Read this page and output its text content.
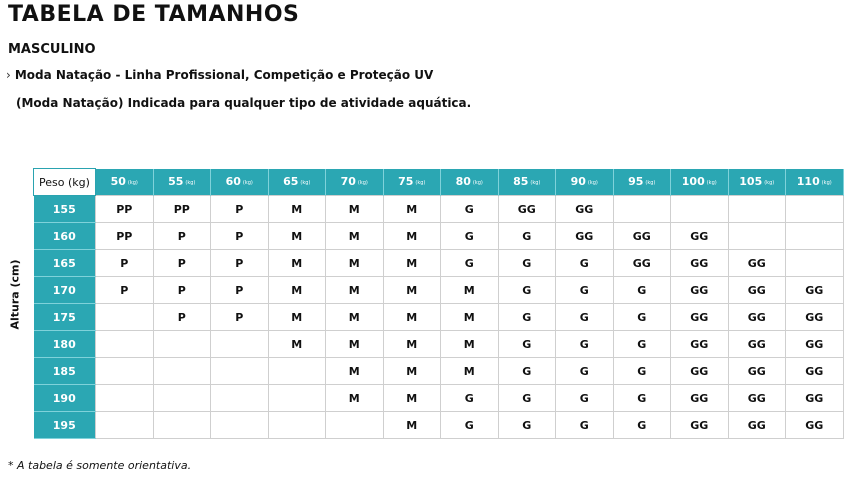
TABELA DE TAMANHOS
MASCULINO
› Moda Natação - Linha Profissional, Competição e Proteção UV
(Moda Natação) Indicada para qualquer tipo de atividade aquática.
Altura (cm)
Peso (kg)	50 (kg)	55 (kg)	60 (kg)	65 (kg)	70 (kg)	75 (kg)	80 (kg)	85 (kg)	90 (kg)	95 (kg)	100 (kg)	105 (kg)	110 (kg)
155	PP	PP	P	M	M	M	G	GG	GG				
160	PP	P	P	M	M	M	G	G	GG	GG	GG		
165	P	P	P	M	M	M	G	G	G	GG	GG	GG	
170	P	P	P	M	M	M	M	G	G	G	GG	GG	GG
175		P	P	M	M	M	M	G	G	G	GG	GG	GG
180				M	M	M	M	G	G	G	GG	GG	GG
185					M	M	M	G	G	G	GG	GG	GG
190					M	M	G	G	G	G	GG	GG	GG
195						M	G	G	G	G	GG	GG	GG
* A tabela é somente orientativa.
